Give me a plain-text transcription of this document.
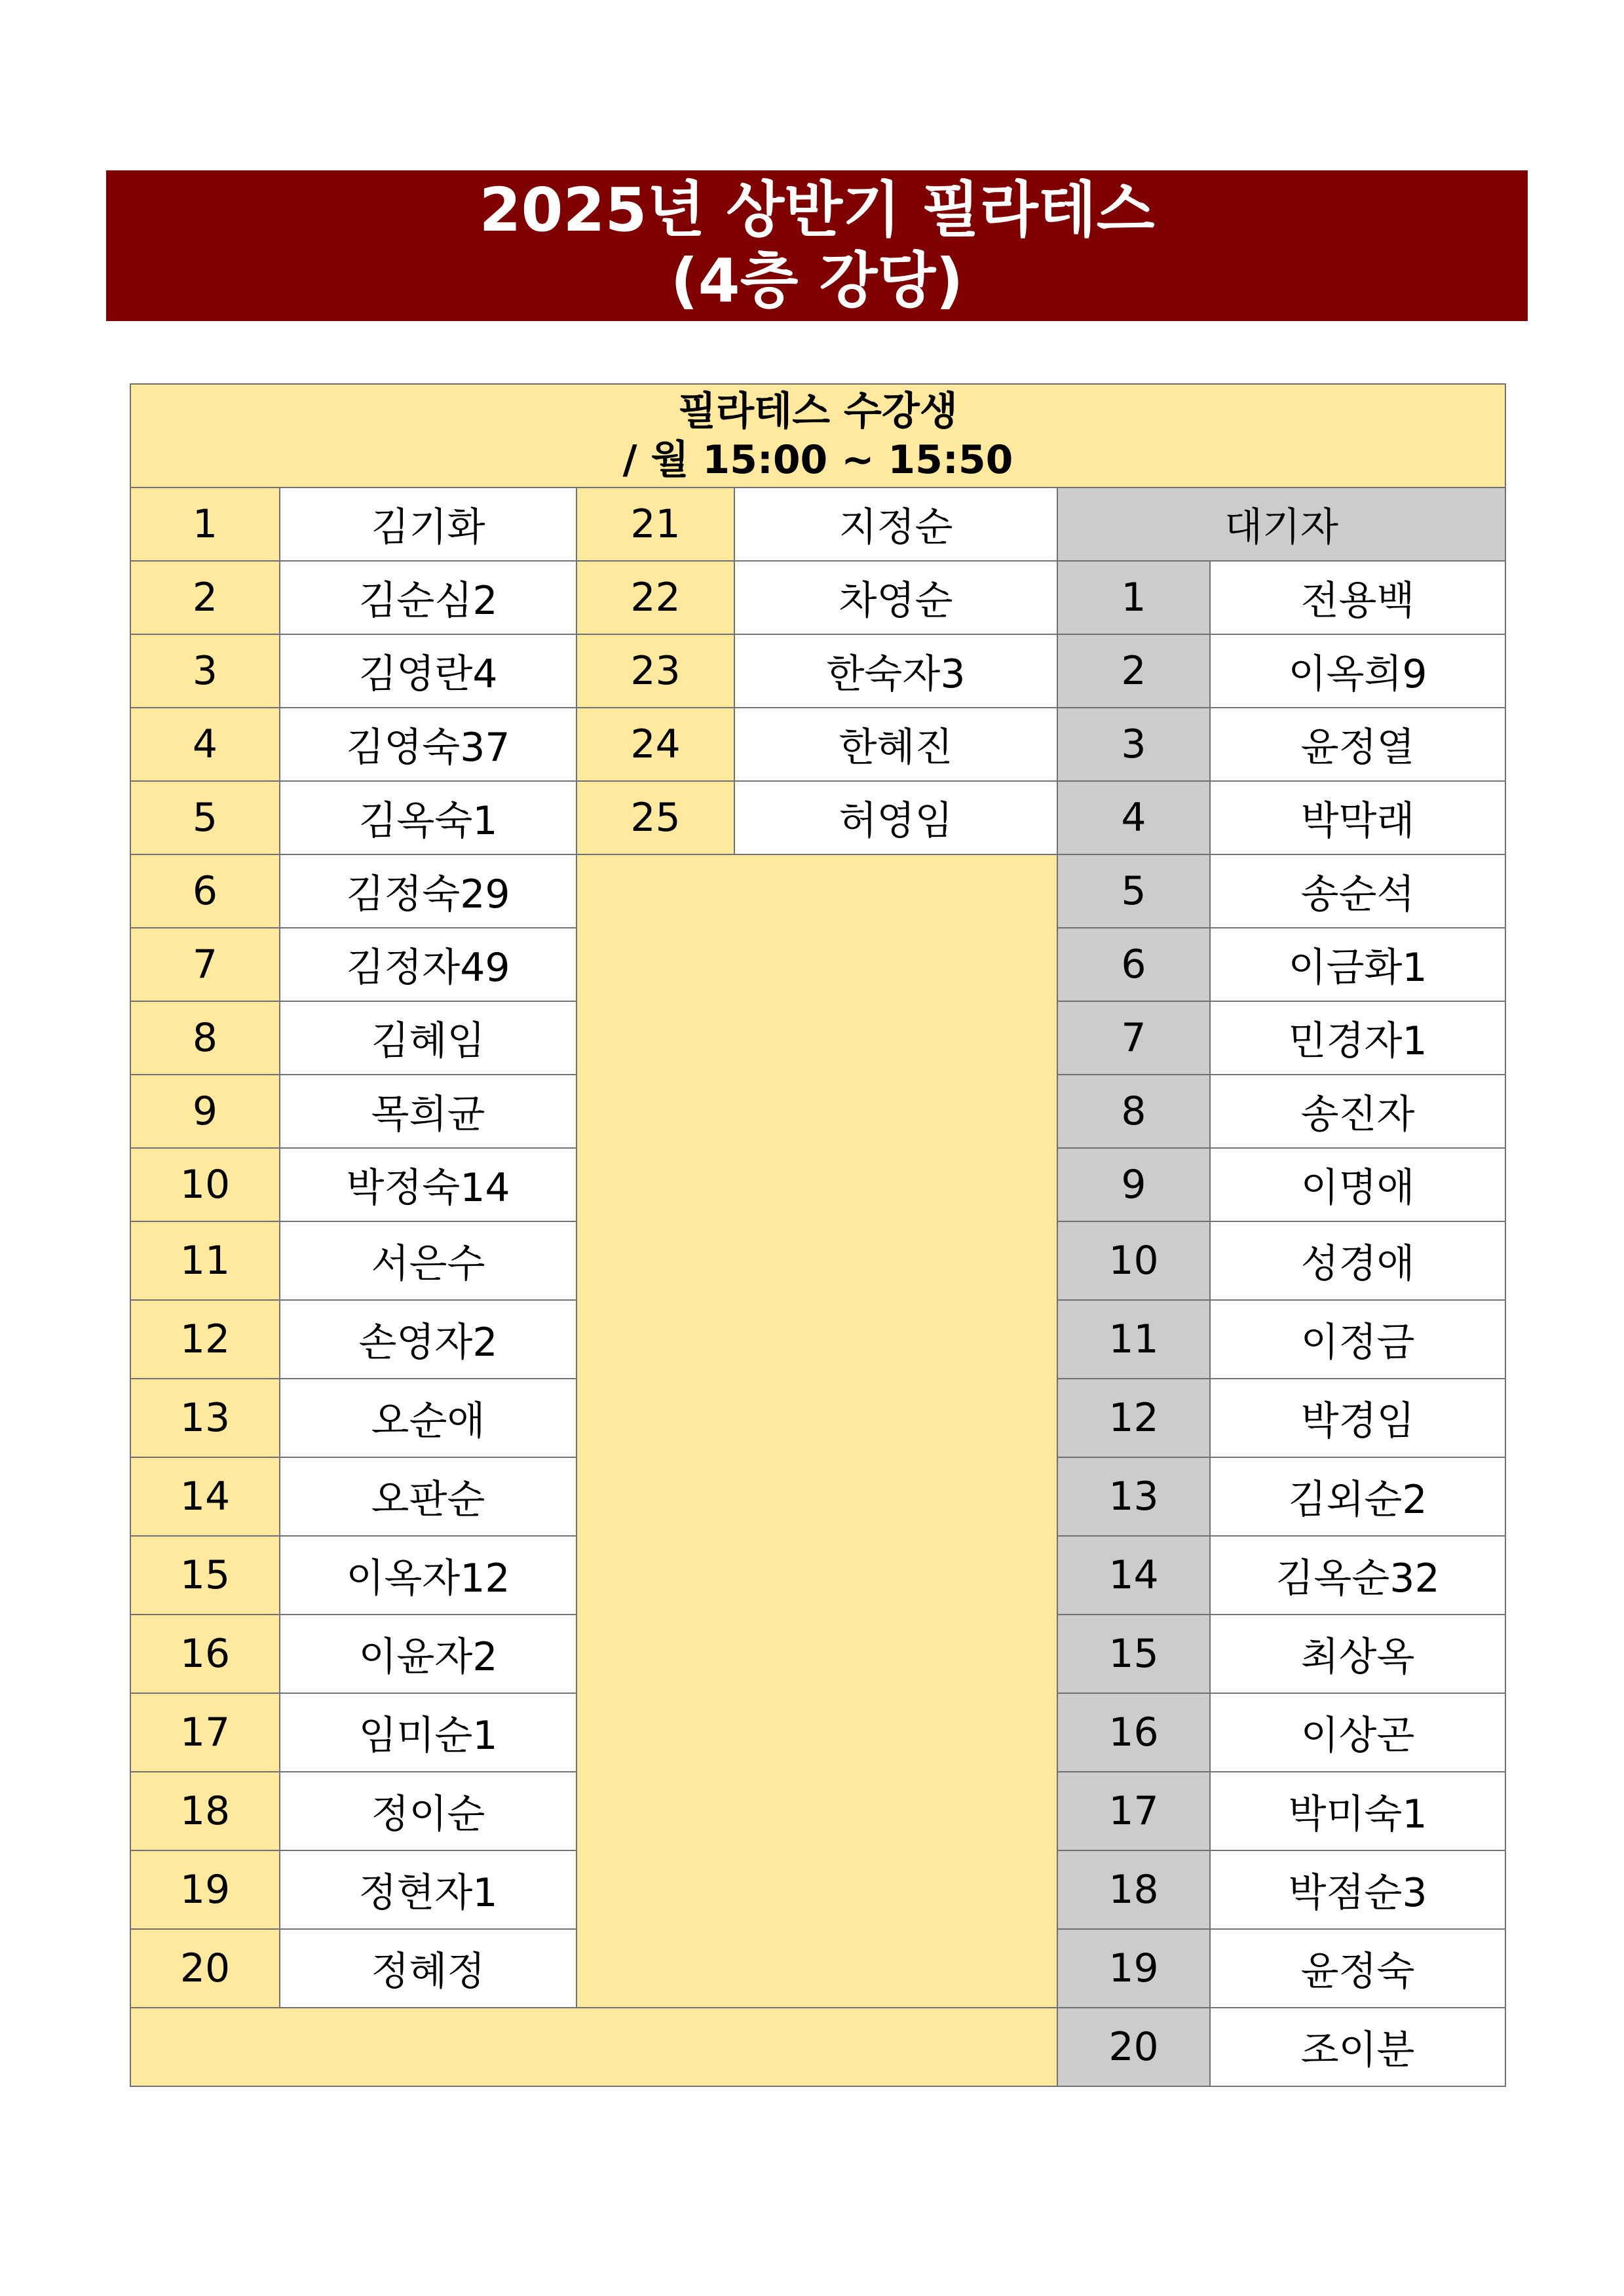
2025년 상반기 필라테스
(4층 강당)
필라테스 수강생
/ 월 15:00 ~ 15:50					

1	김기화	21	지정순	대기자	
2	김순심2	22	차영순	1	전용백
3	김영란4	23	한숙자3	2	이옥희9
4	김영숙37	24	한혜진	3	윤정열
5	김옥숙1	25	허영임	4	박막래
6	김정숙29			5	송순석
7	김정자49			6	이금화1
8	김혜임			7	민경자1
9	목희균			8	송진자
10	박정숙14			9	이명애
11	서은수			10	성경애
12	손영자2			11	이정금
13	오순애			12	박경임
14	오판순			13	김외순2
15	이옥자12			14	김옥순32
16	이윤자2			15	최상옥
17	임미순1			16	이상곤
18	정이순			17	박미숙1
19	정현자1			18	박점순3
20	정혜정			19	윤정숙
				20	조이분
